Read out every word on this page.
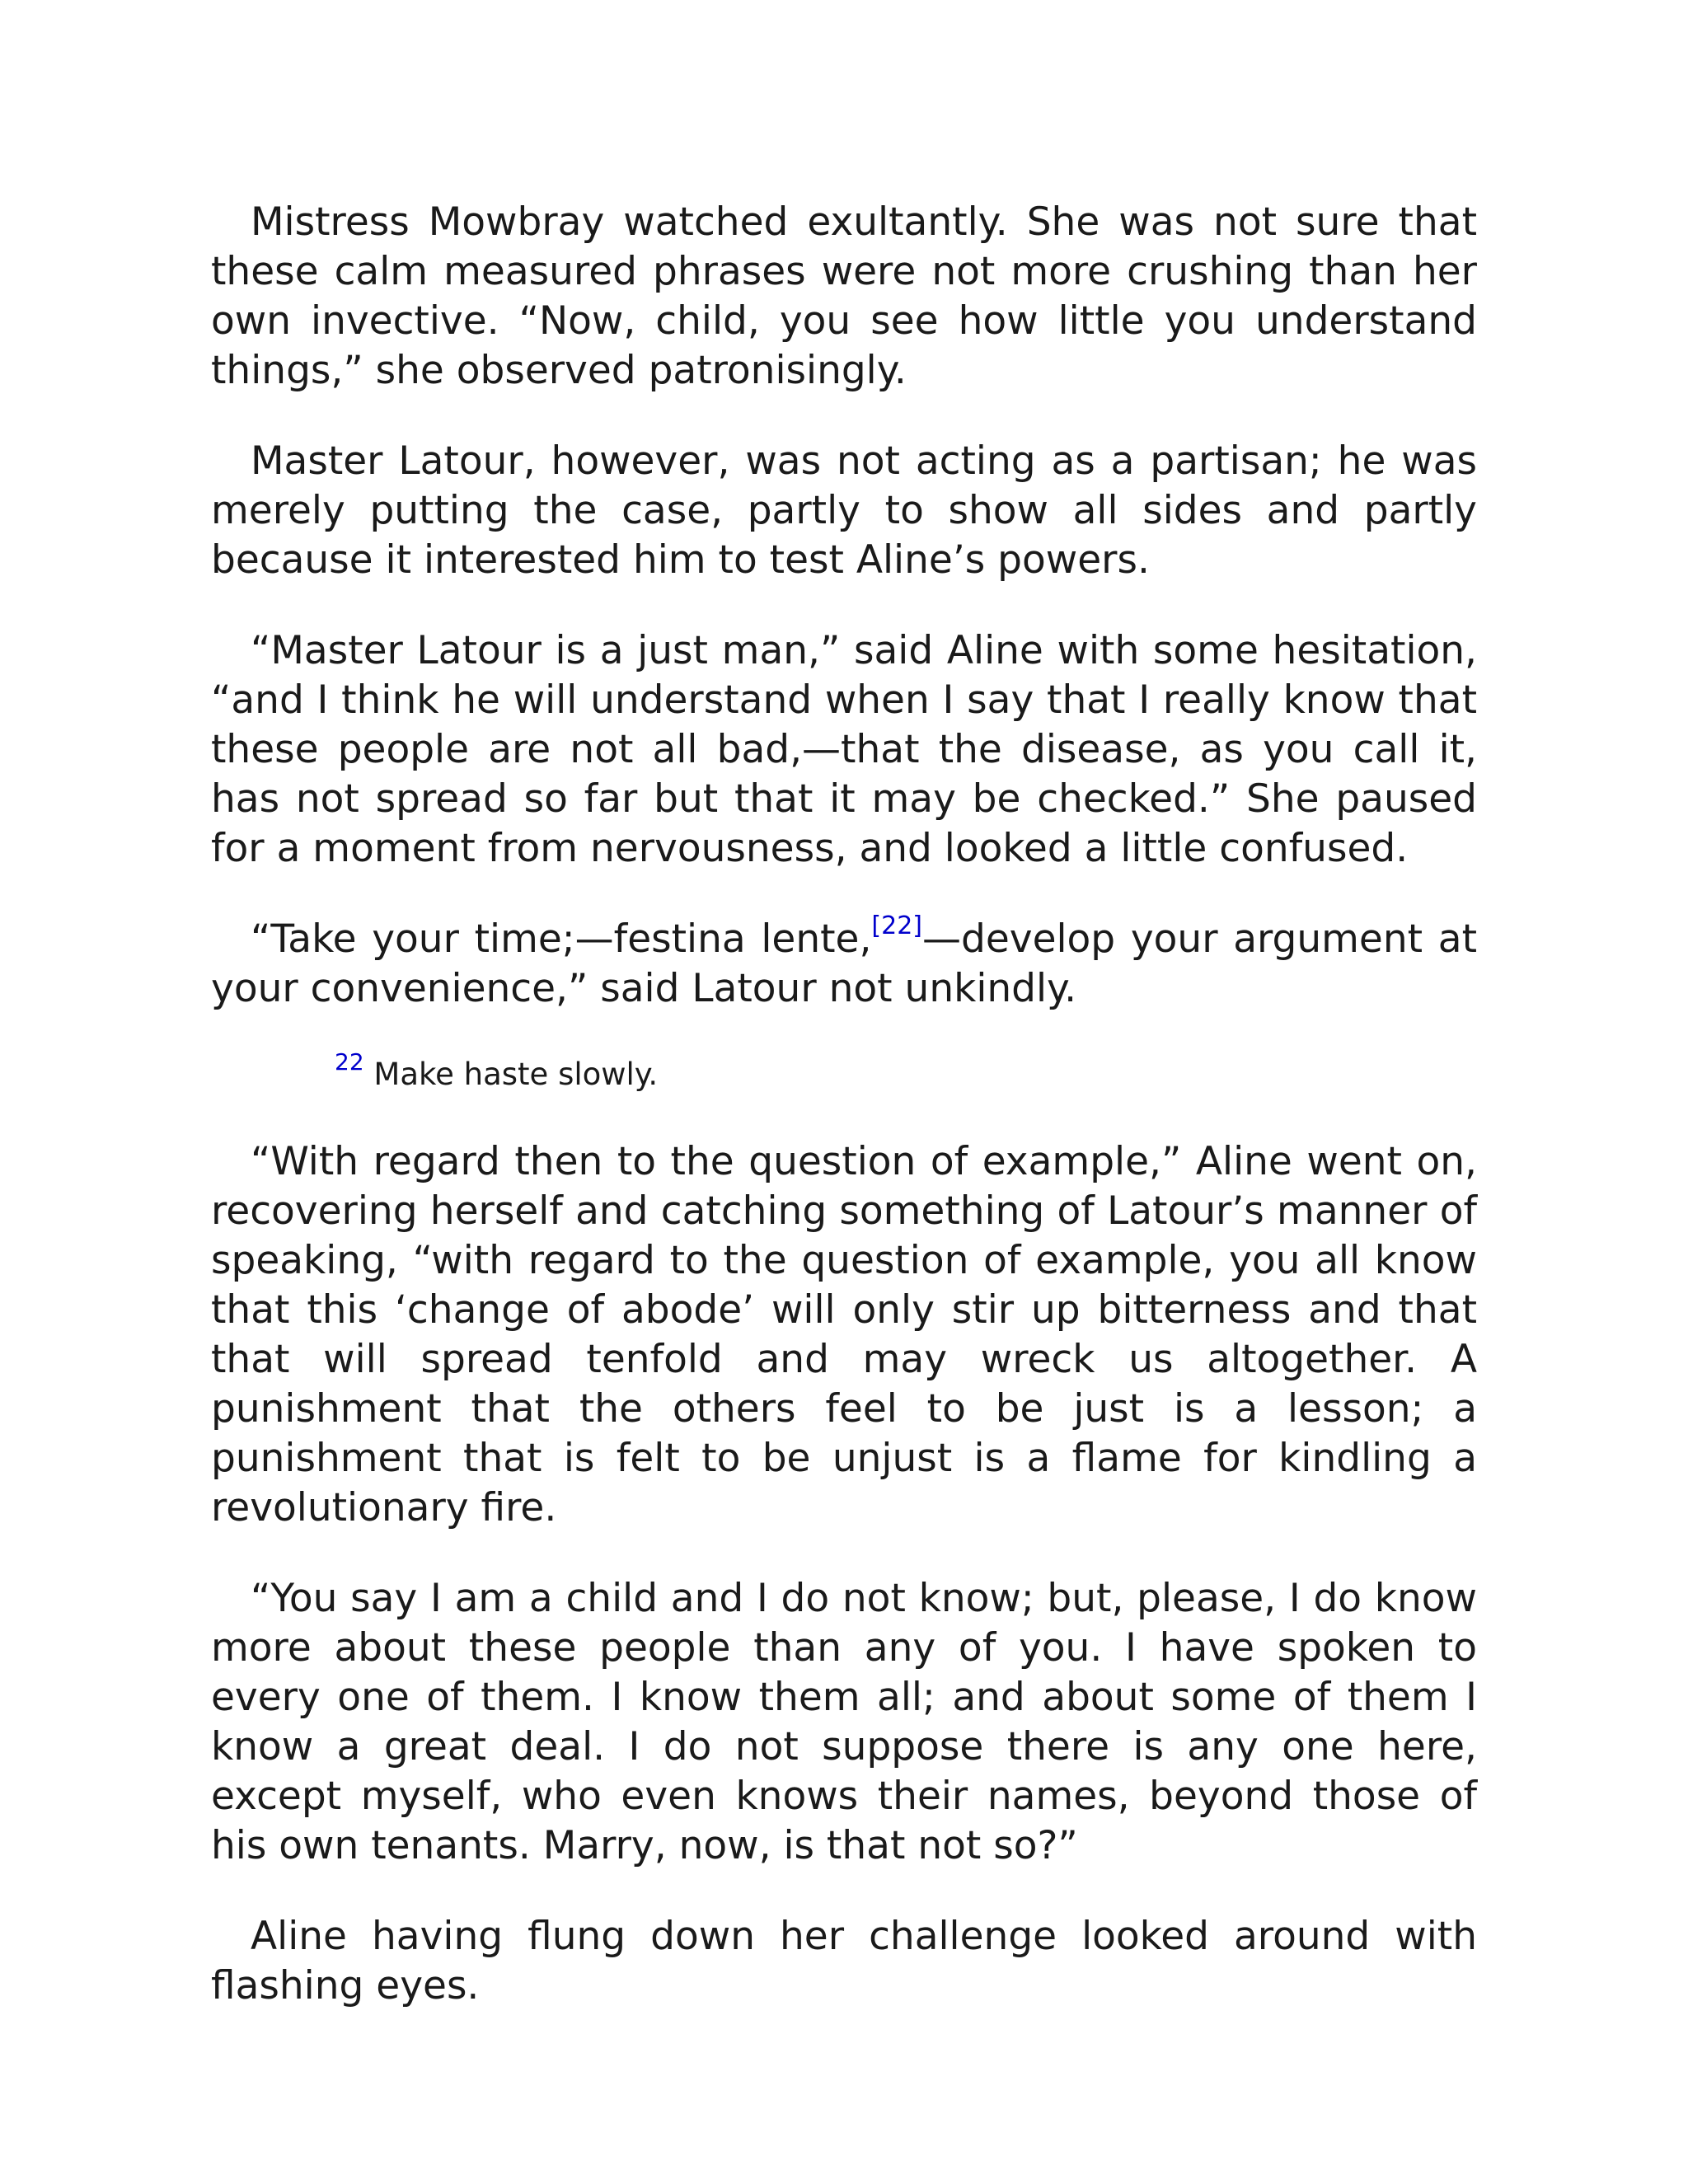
Mistress Mowbray watched exultantly. She was not sure that these calm measured phrases were not more crushing than her own invective. “Now, child, you see how little you understand things,” she observed patronisingly.

Master Latour, however, was not acting as a partisan; he was merely putting the case, partly to show all sides and partly because it interested him to test Aline’s powers.

“Master Latour is a just man,” said Aline with some hesitation, “and I think he will understand when I say that I really know that these people are not all bad,—that the disease, as you call it, has not spread so far but that it may be checked.” She paused for a moment from nervousness, and looked a little confused.

“Take your time;—festina lente,[22]—develop your argument at your convenience,” said Latour not unkindly.

$^{22}$ Make haste slowly.

“With regard then to the question of example,” Aline went on, recovering herself and catching something of Latour’s manner of speaking, “with regard to the question of example, you all know that this ‘change of abode’ will only stir up bitterness and that that will spread tenfold and may wreck us altogether. A punishment that the others feel to be just is a lesson; a punishment that is felt to be unjust is a flame for kindling a revolutionary fire.

“You say I am a child and I do not know; but, please, I do know more about these people than any of you. I have spoken to every one of them. I know them all; and about some of them I know a great deal. I do not suppose there is any one here, except myself, who even knows their names, beyond those of his own tenants. Marry, now, is that not so?”

Aline having flung down her challenge looked around with flashing eyes.
